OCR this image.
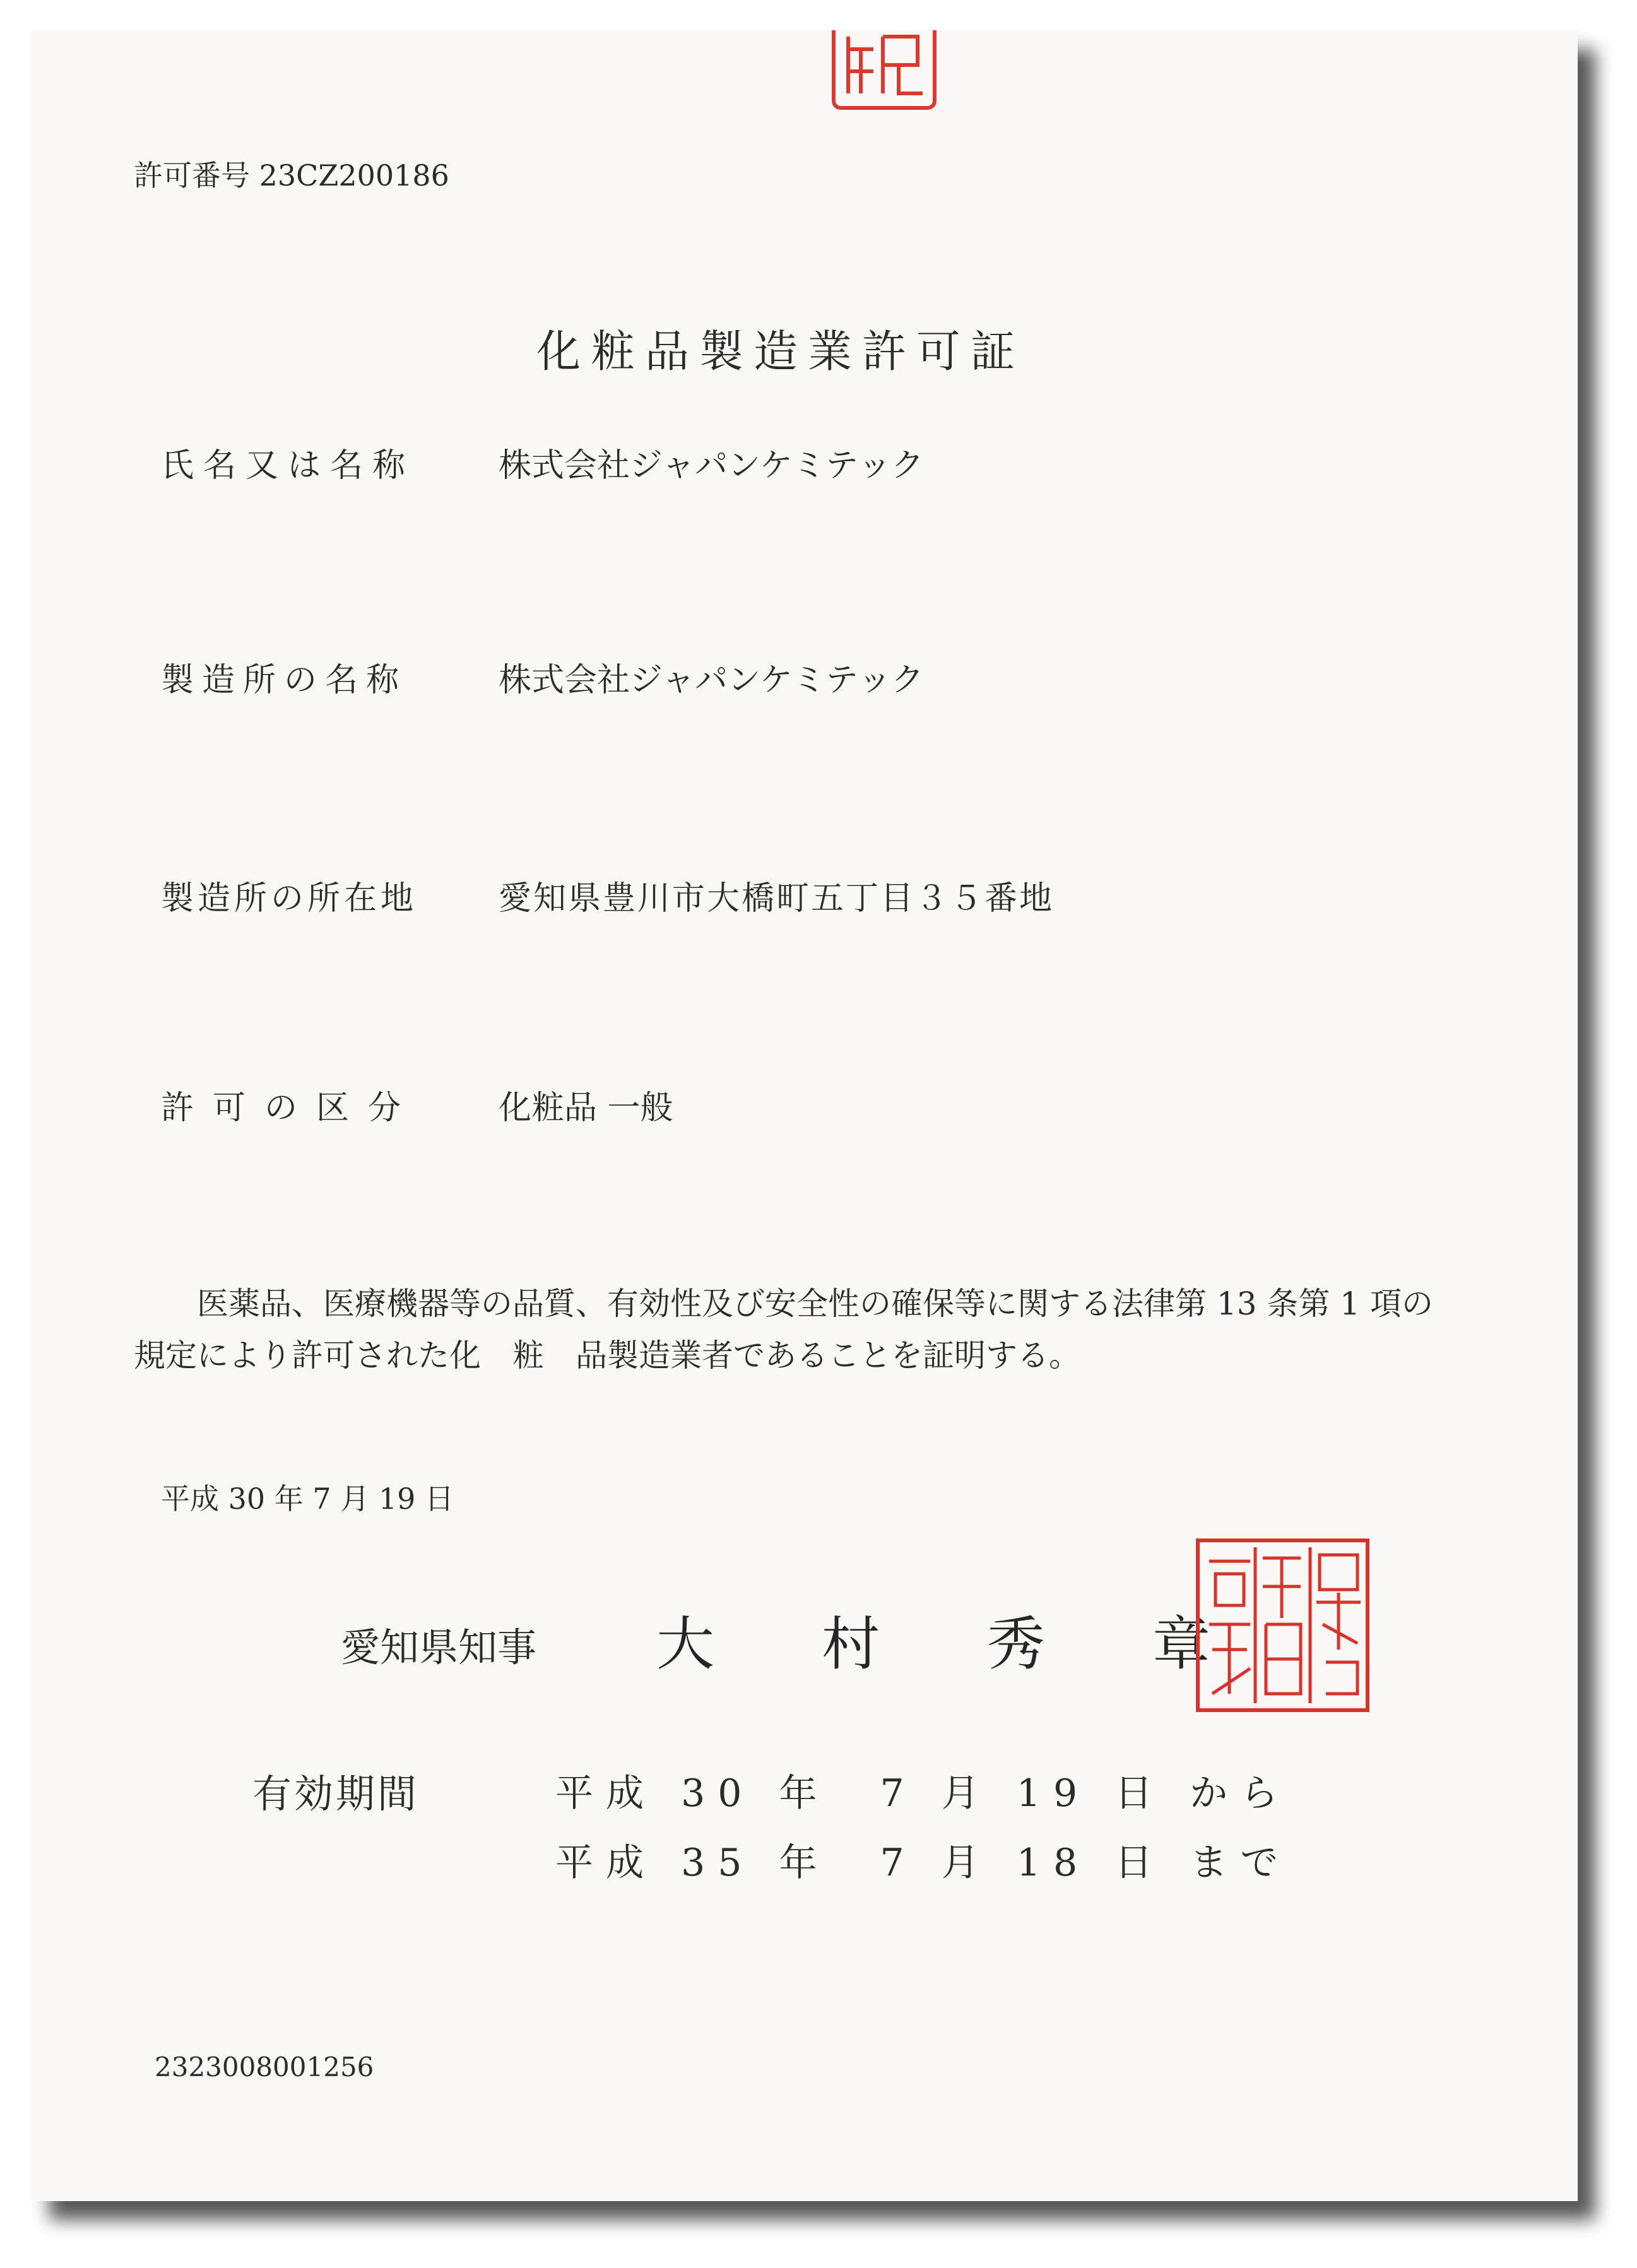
許可番号 23CZ200186
化粧品製造業許可証
氏名又は名称	株式会社ジャパンケミテック
製造所の名称	株式会社ジャパンケミテック
製造所の所在地 愛知県豊川市大橋町五丁目３５番地
許可の区分 化粧品 一般

医薬品、医療機器等の品質、有効性及び安全性の確保等に関する法律第 13 条第 1 項の

規定により許可された化　粧　品製造業者であることを証明する。

平成 30 年 7 月 19 日
愛知県知事 大村秀章
有効期間	平成 30 年　7 月 19 日 から
平成 35 年　7 月 18 日 まで
2323008001256
